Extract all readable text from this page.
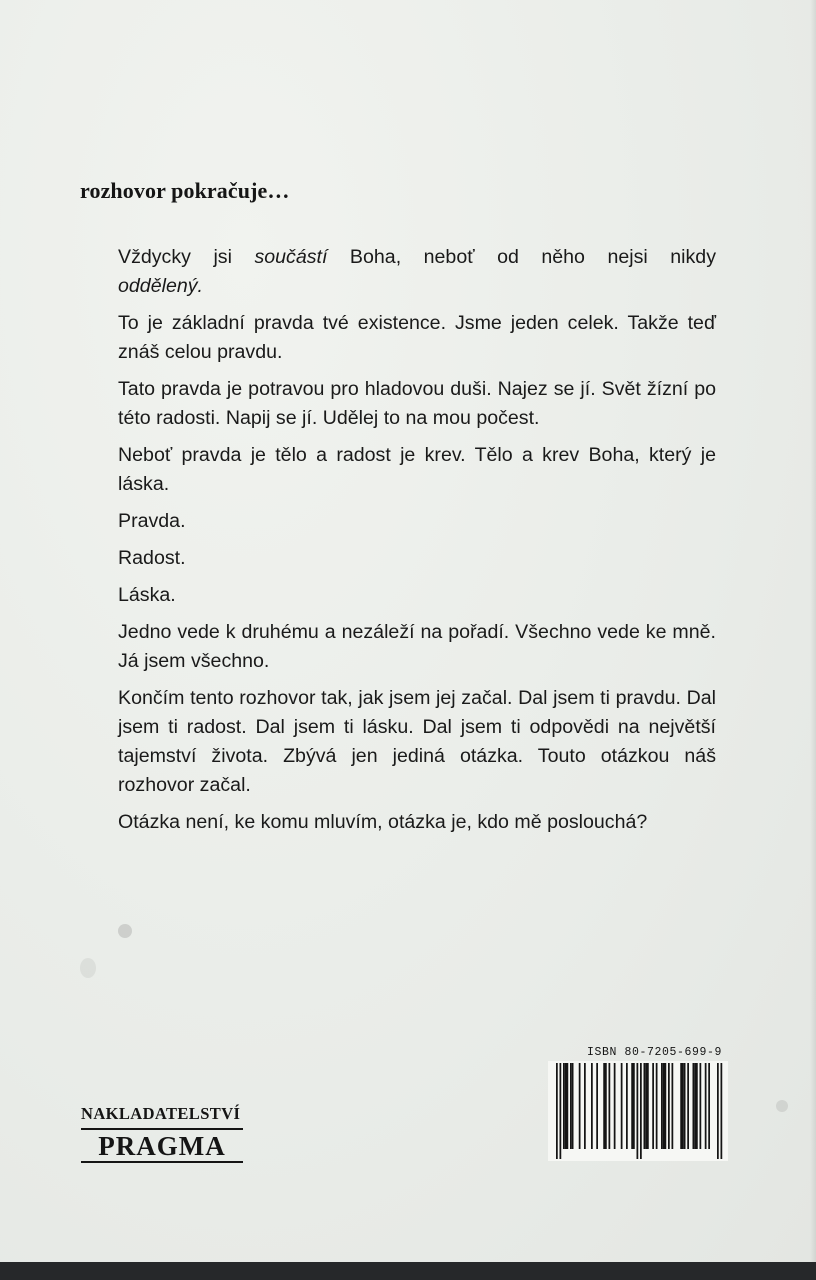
rozhovor pokračuje…

Vždycky jsi součástí Boha, neboť od něho nejsi nikdy
oddělený.

To je základní pravda tvé existence. Jsme jeden celek. Takže teď znáš celou pravdu.

Tato pravda je potravou pro hladovou duši. Najez se jí. Svět žízní po této radosti. Napij se jí. Udělej to na mou počest.

Neboť pravda je tělo a radost je krev. Tělo a krev Boha, který je láska.

Pravda.

Radost.

Láska.

Jedno vede k druhému a nezáleží na pořadí. Všechno vede ke mně. Já jsem všechno.

Končím tento rozhovor tak, jak jsem jej začal. Dal jsem ti pravdu. Dal jsem ti radost. Dal jsem ti lásku. Dal jsem ti odpovědi na největší tajemství života. Zbývá jen jediná otázka. Touto otázkou náš rozhovor začal.

Otázka není, ke komu mluvím, otázka je, kdo mě poslouchá?

NAKLADATELSTVÍ
PRAGMA
ISBN 80-7205-699-9
